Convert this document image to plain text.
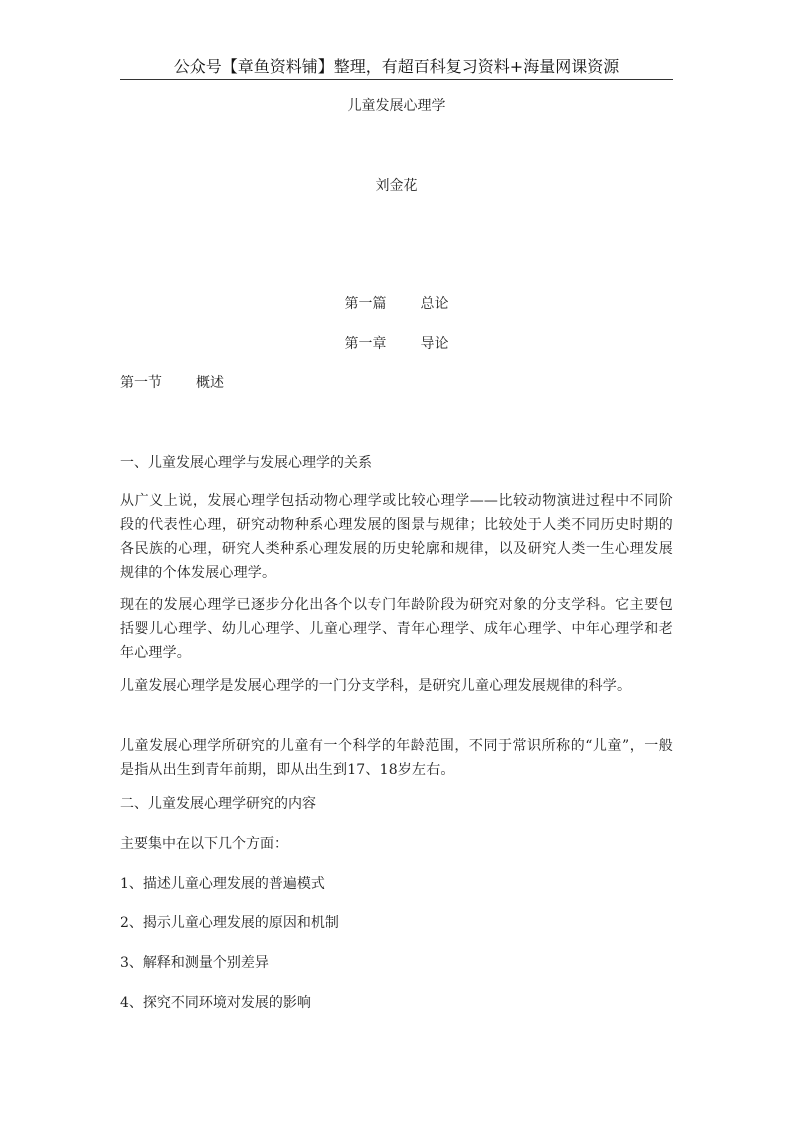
公众号【章鱼资料铺】整理，有超百科复习资料+海量网课资源
儿童发展心理学
刘金花
第一篇 总论
第一章 导论
第一节 概述
一、儿童发展心理学与发展心理学的关系
从广义上说，发展心理学包括动物心理学或比较心理学——比较动物演进过程中不同阶段的代表性心理，研究动物种系心理发展的图景与规律；比较处于人类不同历史时期的各民族的心理，研究人类种系心理发展的历史轮廓和规律，以及研究人类一生心理发展规律的个体发展心理学。
现在的发展心理学已逐步分化出各个以专门年龄阶段为研究对象的分支学科。它主要包括婴儿心理学、幼儿心理学、儿童心理学、青年心理学、成年心理学、中年心理学和老年心理学。
儿童发展心理学是发展心理学的一门分支学科，是研究儿童心理发展规律的科学。
儿童发展心理学所研究的儿童有一个科学的年龄范围，不同于常识所称的“儿童”，一般是指从出生到青年前期，即从出生到17、18岁左右。
二、儿童发展心理学研究的内容
主要集中在以下几个方面：
1、描述儿童心理发展的普遍模式
2、揭示儿童心理发展的原因和机制
3、解释和测量个别差异
4、探究不同环境对发展的影响
